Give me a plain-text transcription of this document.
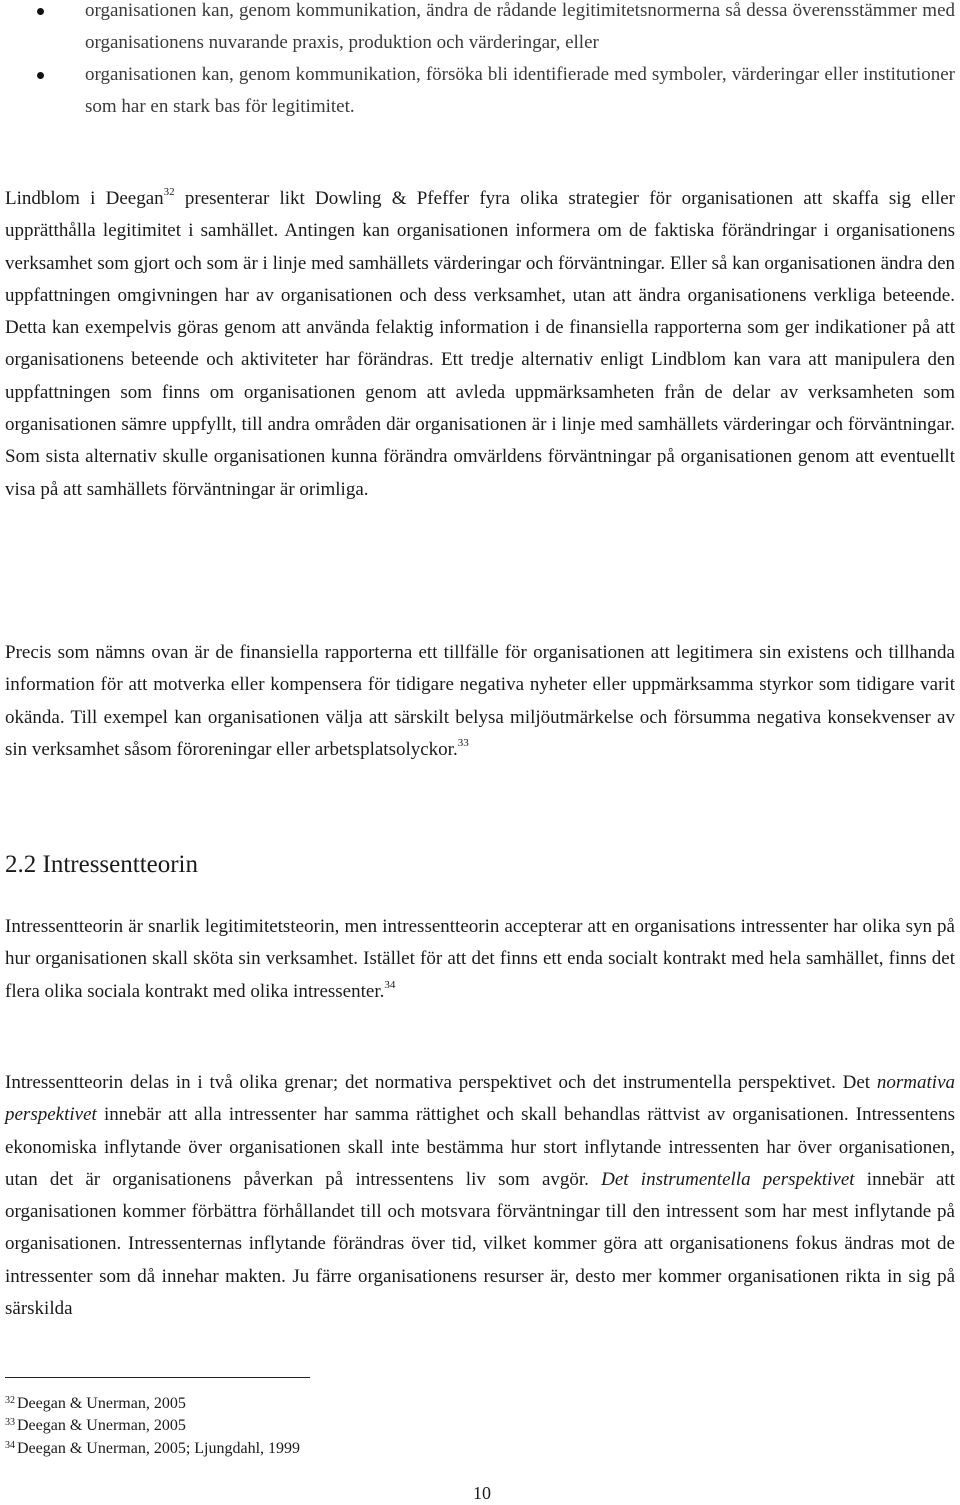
organisationen kan, genom kommunikation, ändra de rådande legitimitetsnormerna så dessa överensstämmer med organisationens nuvarande praxis, produktion och värderingar, eller
organisationen kan, genom kommunikation, försöka bli identifierade med symboler, värderingar eller institutioner som har en stark bas för legitimitet.

Lindblom i Deegan$^{32}$ presenterar likt Dowling & Pfeffer fyra olika strategier för organisationen att skaffa sig eller upprätthålla legitimitet i samhället. Antingen kan organisationen informera om de faktiska förändringar i organisationens verksamhet som gjort och som är i linje med samhällets värderingar och förväntningar. Eller så kan organisationen ändra den uppfattningen omgivningen har av organisationen och dess verksamhet, utan att ändra organisationens verkliga beteende. Detta kan exempelvis göras genom att använda felaktig information i de finansiella rapporterna som ger indikationer på att organisationens beteende och aktiviteter har förändras. Ett tredje alternativ enligt Lindblom kan vara att manipulera den uppfattningen som finns om organisationen genom att avleda uppmärksamheten från de delar av verksamheten som organisationen sämre uppfyllt, till andra områden där organisationen är i linje med samhällets värderingar och förväntningar. Som sista alternativ skulle organisationen kunna förändra omvärldens förväntningar på organisationen genom att eventuellt visa på att samhällets förväntningar är orimliga.

Precis som nämns ovan är de finansiella rapporterna ett tillfälle för organisationen att legitimera sin existens och tillhanda information för att motverka eller kompensera för tidigare negativa nyheter eller uppmärksamma styrkor som tidigare varit okända. Till exempel kan organisationen välja att särskilt belysa miljöutmärkelse och försumma negativa konsekvenser av sin verksamhet såsom föroreningar eller arbetsplatsolyckor.$^{33}$

2.2 Intressentteorin

Intressentteorin är snarlik legitimitetsteorin, men intressentteorin accepterar att en organisations intressenter har olika syn på hur organisationen skall sköta sin verksamhet. Istället för att det finns ett enda socialt kontrakt med hela samhället, finns det flera olika sociala kontrakt med olika intressenter.$^{34}$

Intressentteorin delas in i två olika grenar; det normativa perspektivet och det instrumentella perspektivet. Det normativa perspektivet innebär att alla intressenter har samma rättighet och skall behandlas rättvist av organisationen. Intressentens ekonomiska inflytande över organisationen skall inte bestämma hur stort inflytande intressenten har över organisationen, utan det är organisationens påverkan på intressentens liv som avgör. Det instrumentella perspektivet innebär att organisationen kommer förbättra förhållandet till och motsvara förväntningar till den intressent som har mest inflytande på organisationen. Intressenternas inflytande förändras över tid, vilket kommer göra att organisationens fokus ändras mot de intressenter som då innehar makten. Ju färre organisationens resurser är, desto mer kommer organisationen rikta in sig på särskilda

$^{32}$ Deegan & Unerman, 2005
$^{33}$ Deegan & Unerman, 2005
$^{34}$ Deegan & Unerman, 2005; Ljungdahl, 1999
10
